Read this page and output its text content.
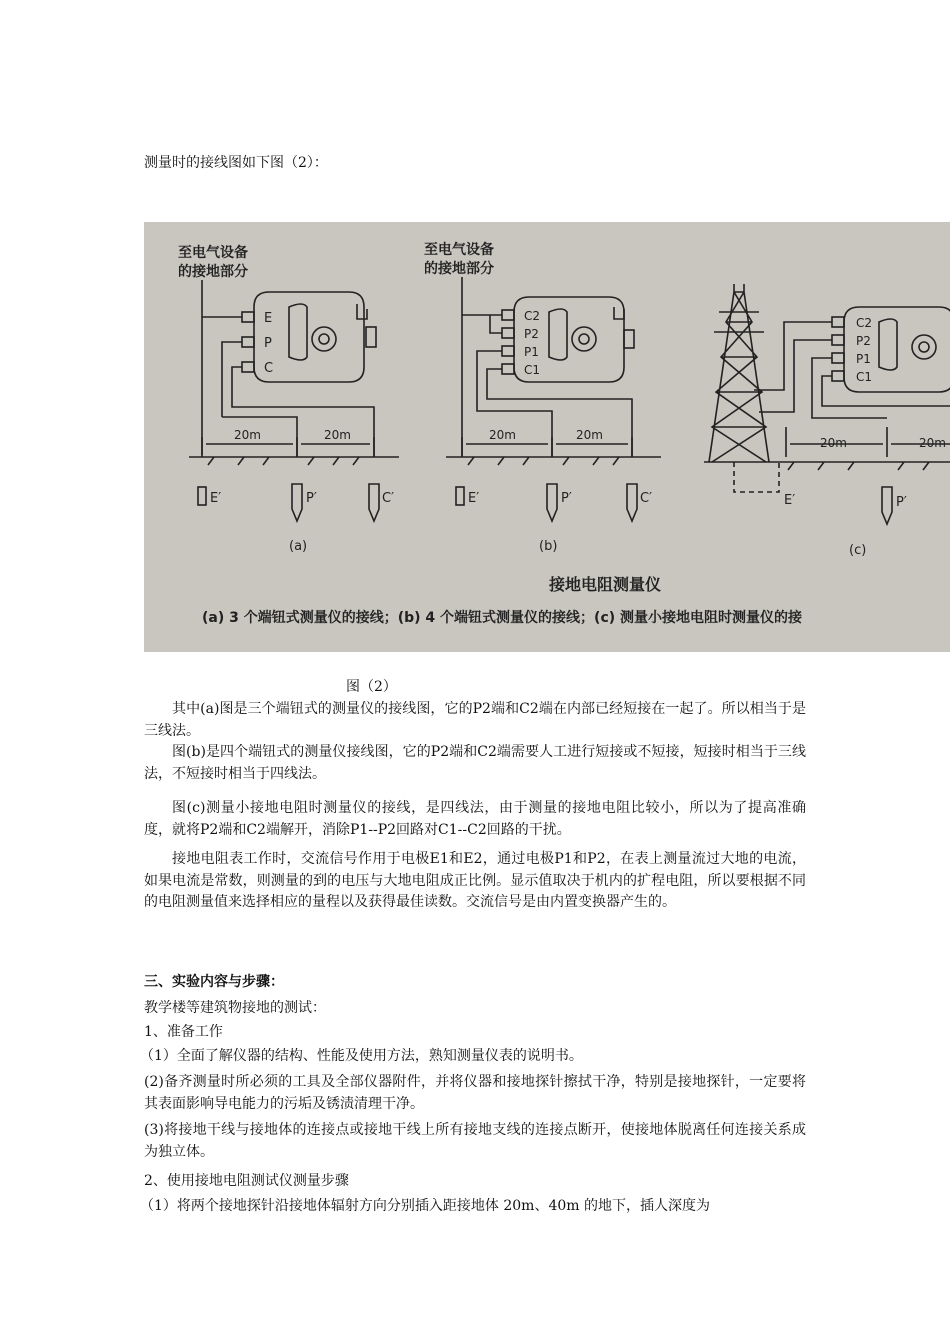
测量时的接线图如下图（2）：
至电气设备
的接地部分
E
P
C
20m	20m
E′	P′	C′
(a)
至电气设备
的接地部分
C2
P2
P1
C1
20m	20m
E′	P′	C′
(b)
C2
P2
P1
C1
20m	20m
E′	P′
(c)
接地电阻测量仪
(a) 3 个端钮式测量仪的接线；(b) 4 个端钮式测量仪的接线；(c) 测量小接地电阻时测量仪的接
图（2）
其中(a)图是三个端钮式的测量仪的接线图，它的P2端和C2端在内部已经短接在一起了。所以相当于是三线法。
图(b)是四个端钮式的测量仪接线图，它的P2端和C2端需要人工进行短接或不短接，短接时相当于三线法，不短接时相当于四线法。
图(c)测量小接地电阻时测量仪的接线，是四线法，由于测量的接地电阻比较小，所以为了提高准确度，就将P2端和C2端解开，消除P1--P2回路对C1--C2回路的干扰。
接地电阻表工作时，交流信号作用于电极E1和E2，通过电极P1和P2，在表上测量流过大地的电流，如果电流是常数，则测量的到的电压与大地电阻成正比例。显示值取决于机内的扩程电阻，所以要根据不同的电阻测量值来选择相应的量程以及获得最佳读数。交流信号是由内置变换器产生的。
三、实验内容与步骤：
教学楼等建筑物接地的测试：
1、准备工作
（1）全面了解仪器的结构、性能及使用方法，熟知测量仪表的说明书。
(2)备齐测量时所必须的工具及全部仪器附件，并将仪器和接地探针擦拭干净，特别是接地探针，一定要将其表面影响导电能力的污垢及锈渍清理干净。
(3)将接地干线与接地体的连接点或接地干线上所有接地支线的连接点断开，使接地体脱离任何连接关系成为独立体。
2、使用接地电阻测试仪测量步骤
（1）将两个接地探针沿接地体辐射方向分别插入距接地体 20m、40m 的地下，插人深度为
